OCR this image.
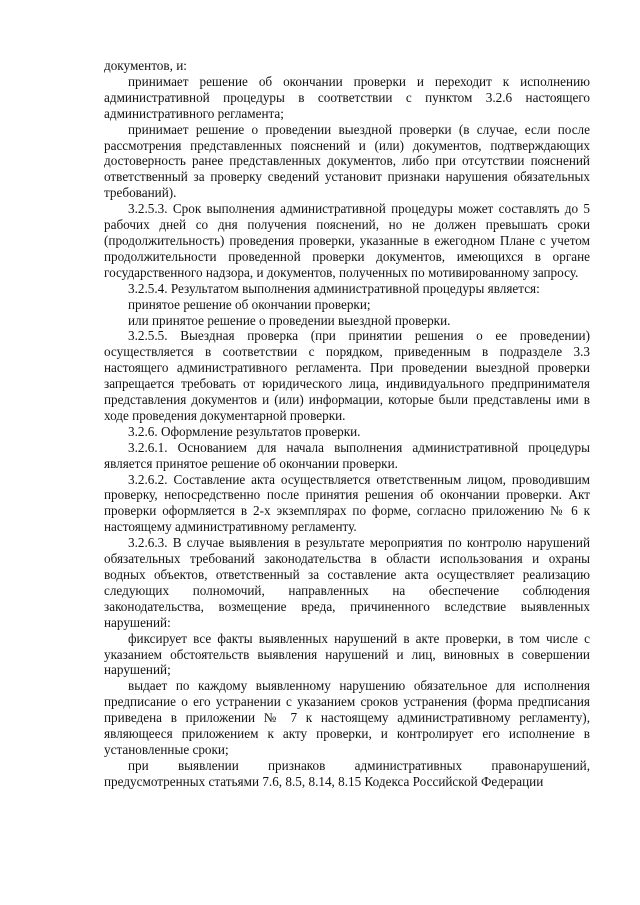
документов, и:

принимает решение об окончании проверки и переходит к исполнению административной процедуры в соответствии с пунктом 3.2.6 настоящего административного регламента;

принимает решение о проведении выездной проверки (в случае, если после рассмотрения представленных пояснений и (или) документов, подтверждающих достоверность ранее представленных документов, либо при отсутствии пояснений ответственный за проверку сведений установит признаки нарушения обязательных требований).

3.2.5.3. Срок выполнения административной процедуры может составлять до 5 рабочих дней со дня получения пояснений, но не должен превышать сроки (продолжительность) проведения проверки, указанные в ежегодном Плане с учетом продолжительности проведенной проверки документов, имеющихся в органе государственного надзора, и документов, полученных по мотивированному запросу.

3.2.5.4. Результатом выполнения административной процедуры является:

принятое решение об окончании проверки;

или принятое решение о проведении выездной проверки.

3.2.5.5. Выездная проверка (при принятии решения о ее проведении) осуществляется в соответствии с порядком, приведенным в подразделе 3.3 настоящего административного регламента. При проведении выездной проверки запрещается требовать от юридического лица, индивидуального предпринимателя представления документов и (или) информации, которые были представлены ими в ходе проведения документарной проверки.

3.2.6. Оформление результатов проверки.

3.2.6.1. Основанием для начала выполнения административной процедуры является принятое решение об окончании проверки.

3.2.6.2. Составление акта осуществляется ответственным лицом, проводившим проверку, непосредственно после принятия решения об окончании проверки. Акт проверки оформляется в 2-х экземплярах по форме, согласно приложению № 6 к настоящему административному регламенту.

3.2.6.3. В случае выявления в результате мероприятия по контролю нарушений обязательных требований законодательства в области использования и охраны водных объектов, ответственный за составление акта осуществляет реализацию следующих полномочий, направленных на обеспечение соблюдения законодательства, возмещение вреда, причиненного вследствие выявленных нарушений:

фиксирует все факты выявленных нарушений в акте проверки, в том числе с указанием обстоятельств выявления нарушений и лиц, виновных в совершении нарушений;

выдает по каждому выявленному нарушению обязательное для исполнения предписание о его устранении с указанием сроков устранения (форма предписания приведена в приложении № 7 к настоящему административному регламенту), являющееся приложением к акту проверки, и контролирует его исполнение в установленные сроки;

при выявлении признаков административных правонарушений, предусмотренных статьями 7.6, 8.5, 8.14, 8.15 Кодекса Российской Федерации
